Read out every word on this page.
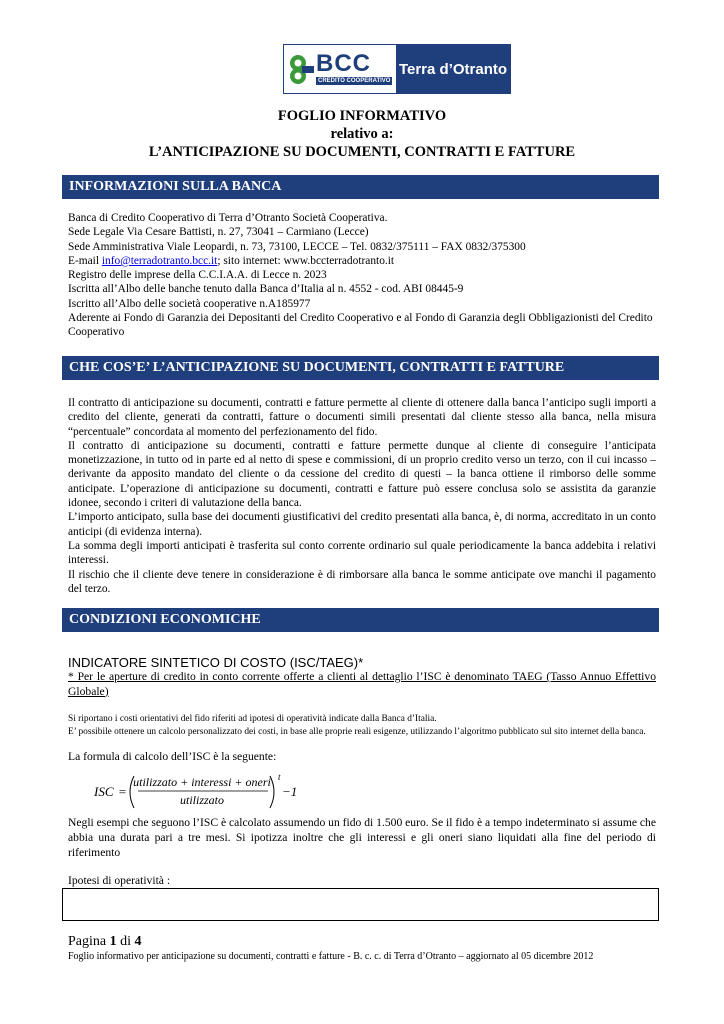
BCC
CREDITO COOPERATIVO
Terra d’Otranto
FOGLIO INFORMATIVO
relativo a:
L’ANTICIPAZIONE SU DOCUMENTI, CONTRATTI E FATTURE
INFORMAZIONI SULLA BANCA

Banca di Credito Cooperativo di Terra d’Otranto Società Cooperativa.

Sede Legale Via Cesare Battisti, n. 27, 73041 – Carmiano (Lecce)

Sede Amministrativa Viale Leopardi, n. 73, 73100, LECCE – Tel. 0832/375111 – FAX 0832/375300

E-mail info@terradotranto.bcc.it; sito internet: www.bccterradotranto.it

Registro delle imprese della C.C.I.A.A. di Lecce n. 2023

Iscritta all’Albo delle banche tenuto dalla Banca d’Italia al n. 4552 - cod. ABI 08445-9

Iscritto all’Albo delle società cooperative n.A185977

Aderente ai Fondo di Garanzia dei Depositanti del Credito Cooperativo e al Fondo di Garanzia degli Obbligazionisti del Credito Cooperativo

CHE COS’E’ L’ANTICIPAZIONE SU DOCUMENTI, CONTRATTI E FATTURE

Il contratto di anticipazione su documenti, contratti e fatture permette al cliente di ottenere dalla banca l’anticipo sugli importi a credito del cliente, generati da contratti, fatture o documenti simili presentati dal cliente stesso alla banca, nella misura “percentuale” concordata al momento del perfezionamento del fido.

Il contratto di anticipazione su documenti, contratti e fatture permette dunque al cliente di conseguire l’anticipata monetizzazione, in tutto od in parte ed al netto di spese e commissioni, di un proprio credito verso un terzo, con il cui incasso – derivante da apposito mandato del cliente o da cessione del credito di questi – la banca ottiene il rimborso delle somme anticipate. L’operazione di anticipazione su documenti, contratti e fatture può essere conclusa solo se assistita da garanzie idonee, secondo i criteri di valutazione della banca.

L’importo anticipato, sulla base dei documenti giustificativi del credito presentati alla banca, è, di norma, accreditato in un conto anticipi (di evidenza interna).

La somma degli importi anticipati è trasferita sul conto corrente ordinario sul quale periodicamente la banca addebita i relativi interessi.

Il rischio che il cliente deve tenere in considerazione è di rimborsare alla banca le somme anticipate ove manchi il pagamento del terzo.

CONDIZIONI ECONOMICHE
INDICATORE SINTETICO DI COSTO (ISC/TAEG)*
* Per le aperture di credito in conto corrente offerte a clienti al dettaglio l’ISC è denominato TAEG (Tasso Annuo Effettivo Globale)
Si riportano i costi orientativi del fido riferiti ad ipotesi di operatività indicate dalla Banca d’Italia.
E’ possibile ottenere un calcolo personalizzato dei costi, in base alle proprie reali esigenze, utilizzando l’algoritmo pubblicato sul sito internet della banca.
La formula di calcolo dell’ISC è la seguente:
ISC =
utilizzato + interessi + oneri
utilizzato
t
−1
Negli esempi che seguono l’ISC è calcolato assumendo un fido di 1.500 euro. Se il fido è a tempo indeterminato si assume che abbia una durata pari a tre mesi. Si ipotizza inoltre che gli interessi e gli oneri siano liquidati alla fine del periodo di riferimento
Ipotesi di operatività :
Pagina 1 di 4
Foglio informativo per anticipazione su documenti, contratti e fatture - B. c. c. di Terra d’Otranto – aggiornato al 05 dicembre 2012
